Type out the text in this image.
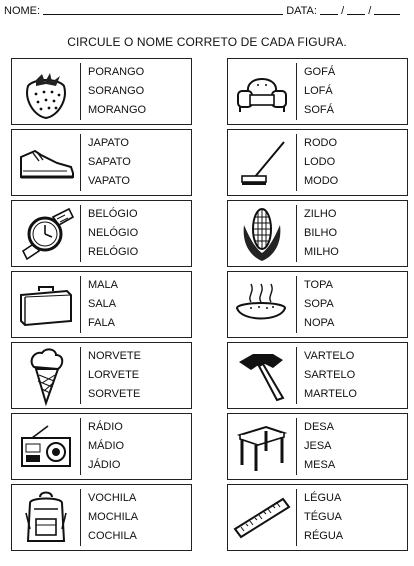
NOME:	DATA: / /
CIRCULE O NOME CORRETO DE CADA FIGURA.
PORANGO
SORANGO
MORANGO
JAPATO
SAPATO
VAPATO
BELÓGIO
NELÓGIO
RELÓGIO
MALA
SALA
FALA
NORVETE
LORVETE
SORVETE
RÁDIO
MÁDIO
JÁDIO
VOCHILA
MOCHILA
COCHILA
GOFÁ
LOFÁ
SOFÁ
RODO
LODO
MODO
ZILHO
BILHO
MILHO
TOPA
SOPA
NOPA
VARTELO
SARTELO
MARTELO
DESA
JESA
MESA
LÉGUA
TÉGUA
RÉGUA
